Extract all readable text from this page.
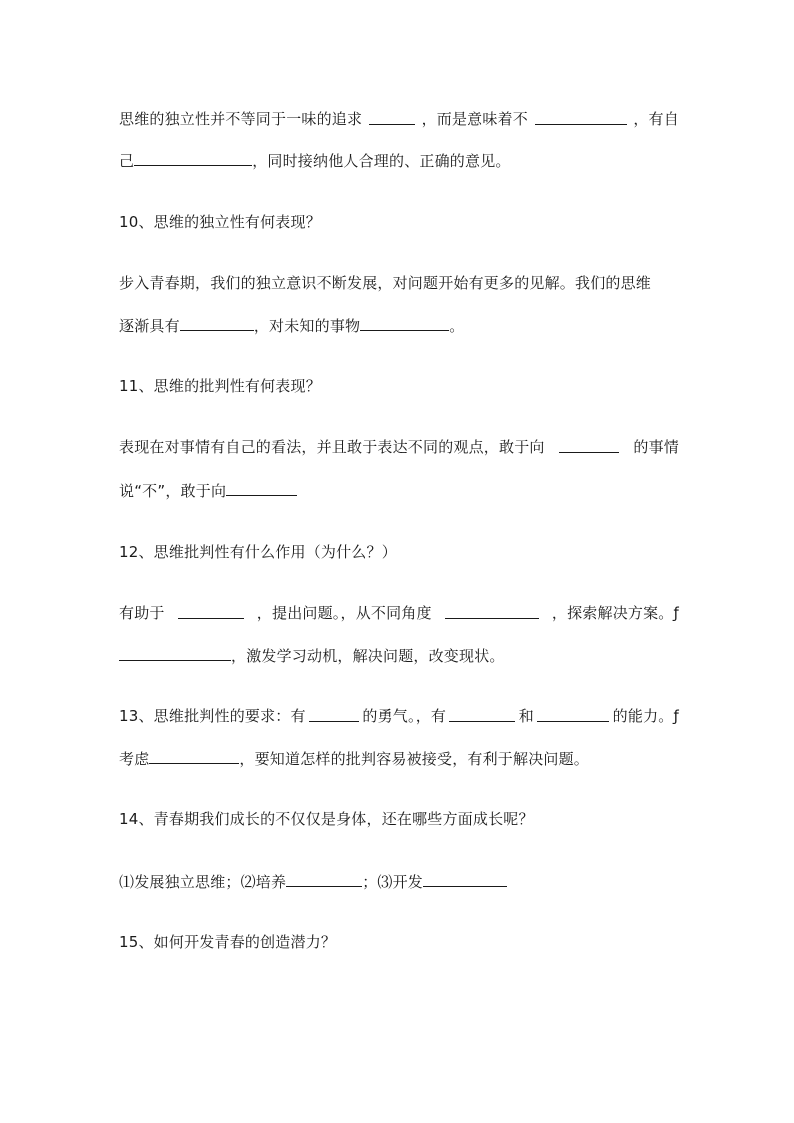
思维的独立性并不等同于一味的追求	，而是意味着不	，有自
己	，同时接纳他人合理的、正确的意见。
10、思维的独立性有何表现？
步入青春期，我们的独立意识不断发展，对问题开始有更多的见解。我们的思维
逐渐具有	，对未知的事物	。
11、思维的批判性有何表现？
表现在对事情有自己的看法，并且敢于表达不同的观点，敢于向	的事情
说“不”，敢于向
12、思维批判性有什么作用（为什么？）
有助于	，提出问题。，从不同角度	，探索解决方案。ƒ
，激发学习动机，解决问题，改变现状。
13、思维批判性的要求：有	的勇气。，有	和	的能力。ƒ
考虑	，要知道怎样的批判容易被接受，有利于解决问题。
14、青春期我们成长的不仅仅是身体，还在哪些方面成长呢？
⑴发展独立思维；⑵培养	；⑶开发
15、如何开发青春的创造潜力？
